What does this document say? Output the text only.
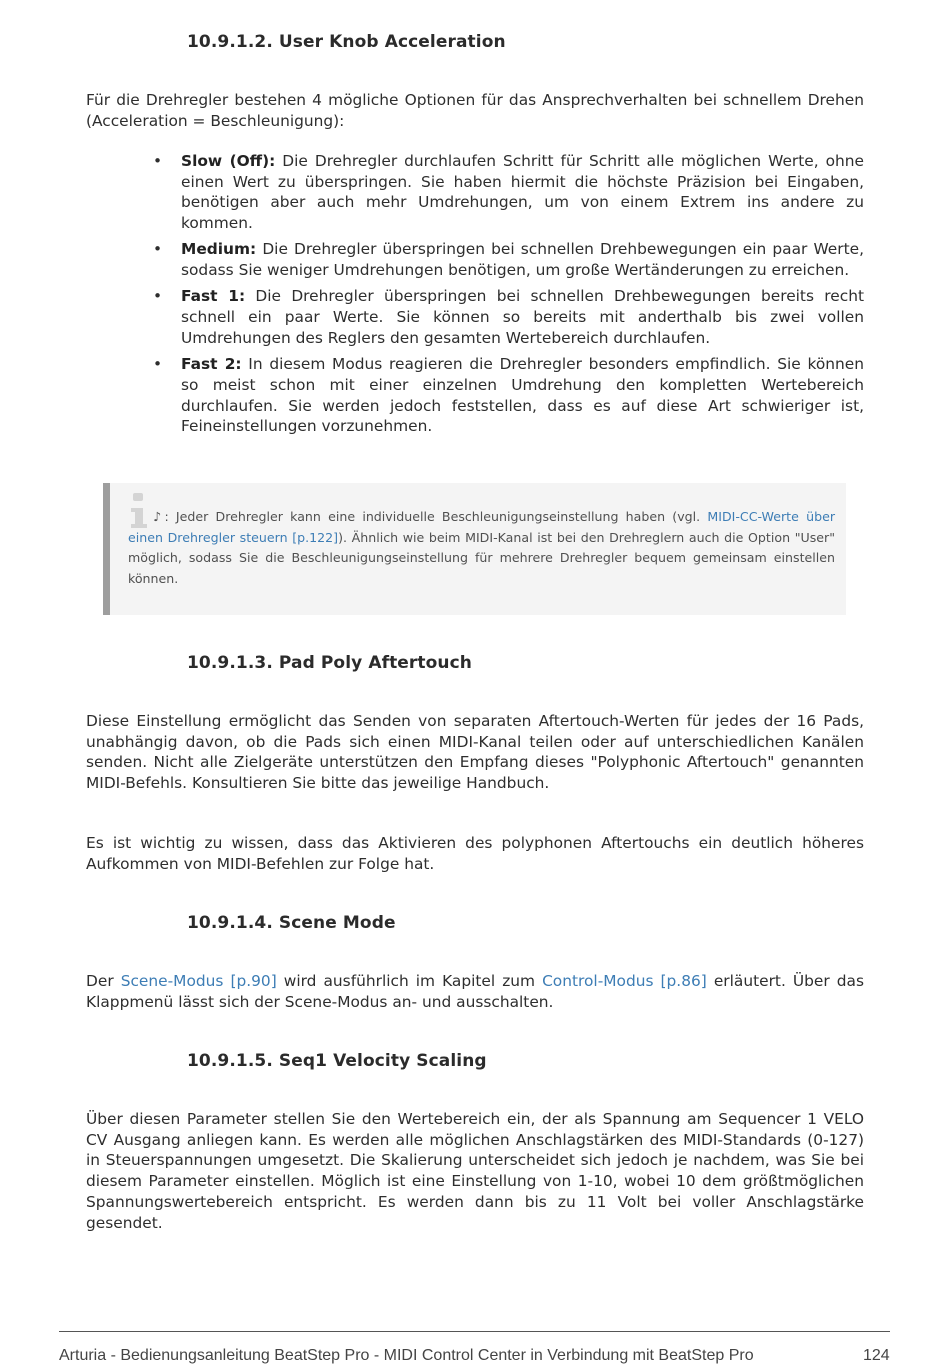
10.9.1.2. User Knob Acceleration

Für die Drehregler bestehen 4 mögliche Optionen für das Ansprechverhalten bei schnellem Drehen (Acceleration = Beschleunigung):

• Slow (Off): Die Drehregler durchlaufen Schritt für Schritt alle möglichen Werte, ohne einen Wert zu überspringen. Sie haben hiermit die höchste Präzision bei Eingaben, benötigen aber auch mehr Umdrehungen, um von einem Extrem ins andere zu kommen.
• Medium: Die Drehregler überspringen bei schnellen Drehbewegungen ein paar Werte, sodass Sie weniger Umdrehungen benötigen, um große Wertänderungen zu erreichen.
• Fast 1: Die Drehregler überspringen bei schnellen Drehbewegungen bereits recht schnell ein paar Werte. Sie können so bereits mit anderthalb bis zwei vollen Umdrehungen des Reglers den gesamten Wertebereich durchlaufen.
• Fast 2: In diesem Modus reagieren die Drehregler besonders empfindlich. Sie können so meist schon mit einer einzelnen Umdrehung den kompletten Wertebereich durchlaufen. Sie werden jedoch feststellen, dass es auf diese Art schwieriger ist, Feineinstellungen vorzunehmen.

♪: Jeder Drehregler kann eine individuelle Beschleunigungseinstellung haben (vgl. MIDI-CC-Werte über einen Drehregler steuern [p.122]). Ähnlich wie beim MIDI-Kanal ist bei den Drehreglern auch die Option "User" möglich, sodass Sie die Beschleunigungseinstellung für mehrere Drehregler bequem gemeinsam einstellen können.

10.9.1.3. Pad Poly Aftertouch

Diese Einstellung ermöglicht das Senden von separaten Aftertouch-Werten für jedes der 16 Pads, unabhängig davon, ob die Pads sich einen MIDI-Kanal teilen oder auf unterschiedlichen Kanälen senden. Nicht alle Zielgeräte unterstützen den Empfang dieses "Polyphonic Aftertouch" genannten MIDI-Befehls. Konsultieren Sie bitte das jeweilige Handbuch.

Es ist wichtig zu wissen, dass das Aktivieren des polyphonen Aftertouchs ein deutlich höheres Aufkommen von MIDI-Befehlen zur Folge hat.

10.9.1.4. Scene Mode

Der Scene-Modus [p.90] wird ausführlich im Kapitel zum Control-Modus [p.86] erläutert. Über das Klappmenü lässt sich der Scene-Modus an- und ausschalten.

10.9.1.5. Seq1 Velocity Scaling

Über diesen Parameter stellen Sie den Wertebereich ein, der als Spannung am Sequencer 1 VELO CV Ausgang anliegen kann. Es werden alle möglichen Anschlagstärken des MIDI-Standards (0-127) in Steuerspannungen umgesetzt. Die Skalierung unterscheidet sich jedoch je nachdem, was Sie bei diesem Parameter einstellen. Möglich ist eine Einstellung von 1-10, wobei 10 dem größtmöglichen Spannungswertebereich entspricht. Es werden dann bis zu 11 Volt bei voller Anschlagstärke gesendet.

Arturia - Bedienungsanleitung BeatStep Pro - MIDI Control Center in Verbindung mit BeatStep Pro	124
